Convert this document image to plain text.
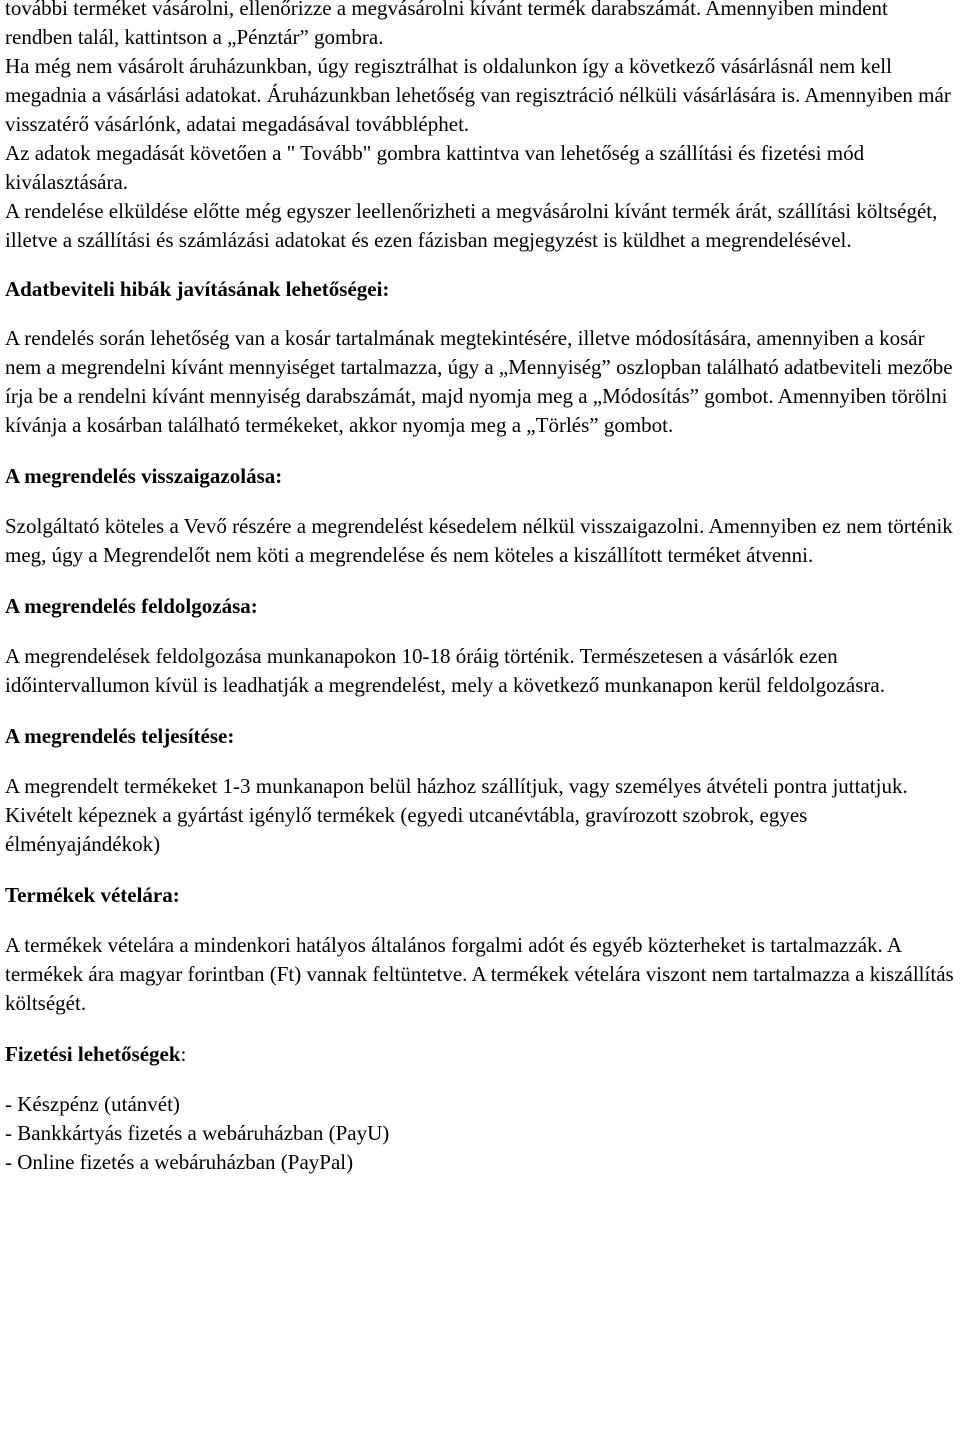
további terméket vásárolni, ellenőrizze a megvásárolni kívánt termék darabszámát. Amennyiben mindent rendben talál, kattintson a „Pénztár” gombra.

Ha még nem vásárolt áruházunkban, úgy regisztrálhat is oldalunkon így a következő vásárlásnál nem kell megadnia a vásárlási adatokat. Áruházunkban lehetőség van regisztráció nélküli vásárlására is. Amennyiben már visszatérő vásárlónk, adatai megadásával továbbléphet.

Az adatok megadását követően a " Tovább" gombra kattintva van lehetőség a szállítási és fizetési mód kiválasztására.

A rendelése elküldése előtte még egyszer leellenőrizheti a megvásárolni kívánt termék árát, szállítási költségét, illetve a szállítási és számlázási adatokat és ezen fázisban megjegyzést is küldhet a megrendelésével.

Adatbeviteli hibák javításának lehetőségei:

A rendelés során lehetőség van a kosár tartalmának megtekintésére, illetve módosítására, amennyiben a kosár nem a megrendelni kívánt mennyiséget tartalmazza, úgy a „Mennyiség” oszlopban található adatbeviteli mezőbe írja be a rendelni kívánt mennyiség darabszámát, majd nyomja meg a „Módosítás” gombot. Amennyiben törölni kívánja a kosárban található termékeket, akkor nyomja meg a „Törlés” gombot.

A megrendelés visszaigazolása:

Szolgáltató köteles a Vevő részére a megrendelést késedelem nélkül visszaigazolni. Amennyiben ez nem történik meg, úgy a Megrendelőt nem köti a megrendelése és nem köteles a kiszállított terméket átvenni.

A megrendelés feldolgozása:

A megrendelések feldolgozása munkanapokon 10-18 óráig történik. Természetesen a vásárlók ezen időintervallumon kívül is leadhatják a megrendelést, mely a következő munkanapon kerül feldolgozásra.

A megrendelés teljesítése:

A megrendelt termékeket 1-3 munkanapon belül házhoz szállítjuk, vagy személyes átvételi pontra juttatjuk. Kivételt képeznek a gyártást igénylő termékek (egyedi utcanévtábla, gravírozott szobrok, egyes élményajándékok)

Termékek vételára:

A termékek vételára a mindenkori hatályos általános forgalmi adót és egyéb közterheket is tartalmazzák. A termékek ára magyar forintban (Ft) vannak feltüntetve. A termékek vételára viszont nem tartalmazza a kiszállítás költségét.

Fizetési lehetőségek:
- Készpénz (utánvét)
- Bankkártyás fizetés a webáruházban (PayU)
- Online fizetés a webáruházban (PayPal)
